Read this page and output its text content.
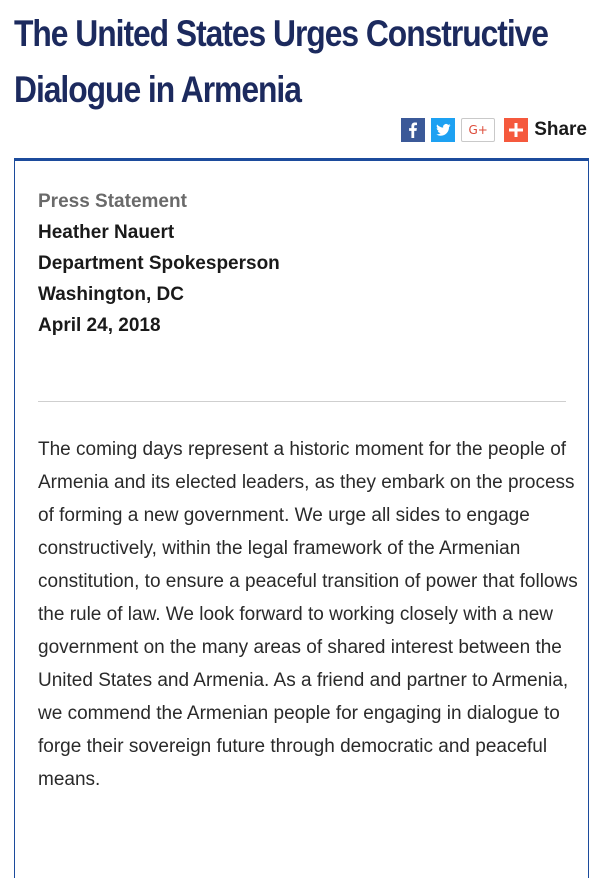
The United States Urges Constructive Dialogue in Armenia
G+ Share
Press Statement
Heather Nauert
Department Spokesperson
Washington, DC
April 24, 2018

The coming days represent a historic moment for the people of Armenia and its elected leaders, as they embark on the process of forming a new government. We urge all sides to engage constructively, within the legal framework of the Armenian constitution, to ensure a peaceful transition of power that follows the rule of law. We look forward to working closely with a new government on the many areas of shared interest between the United States and Armenia. As a friend and partner to Armenia, we commend the Armenian people for engaging in dialogue to forge their sovereign future through democratic and peaceful means.
